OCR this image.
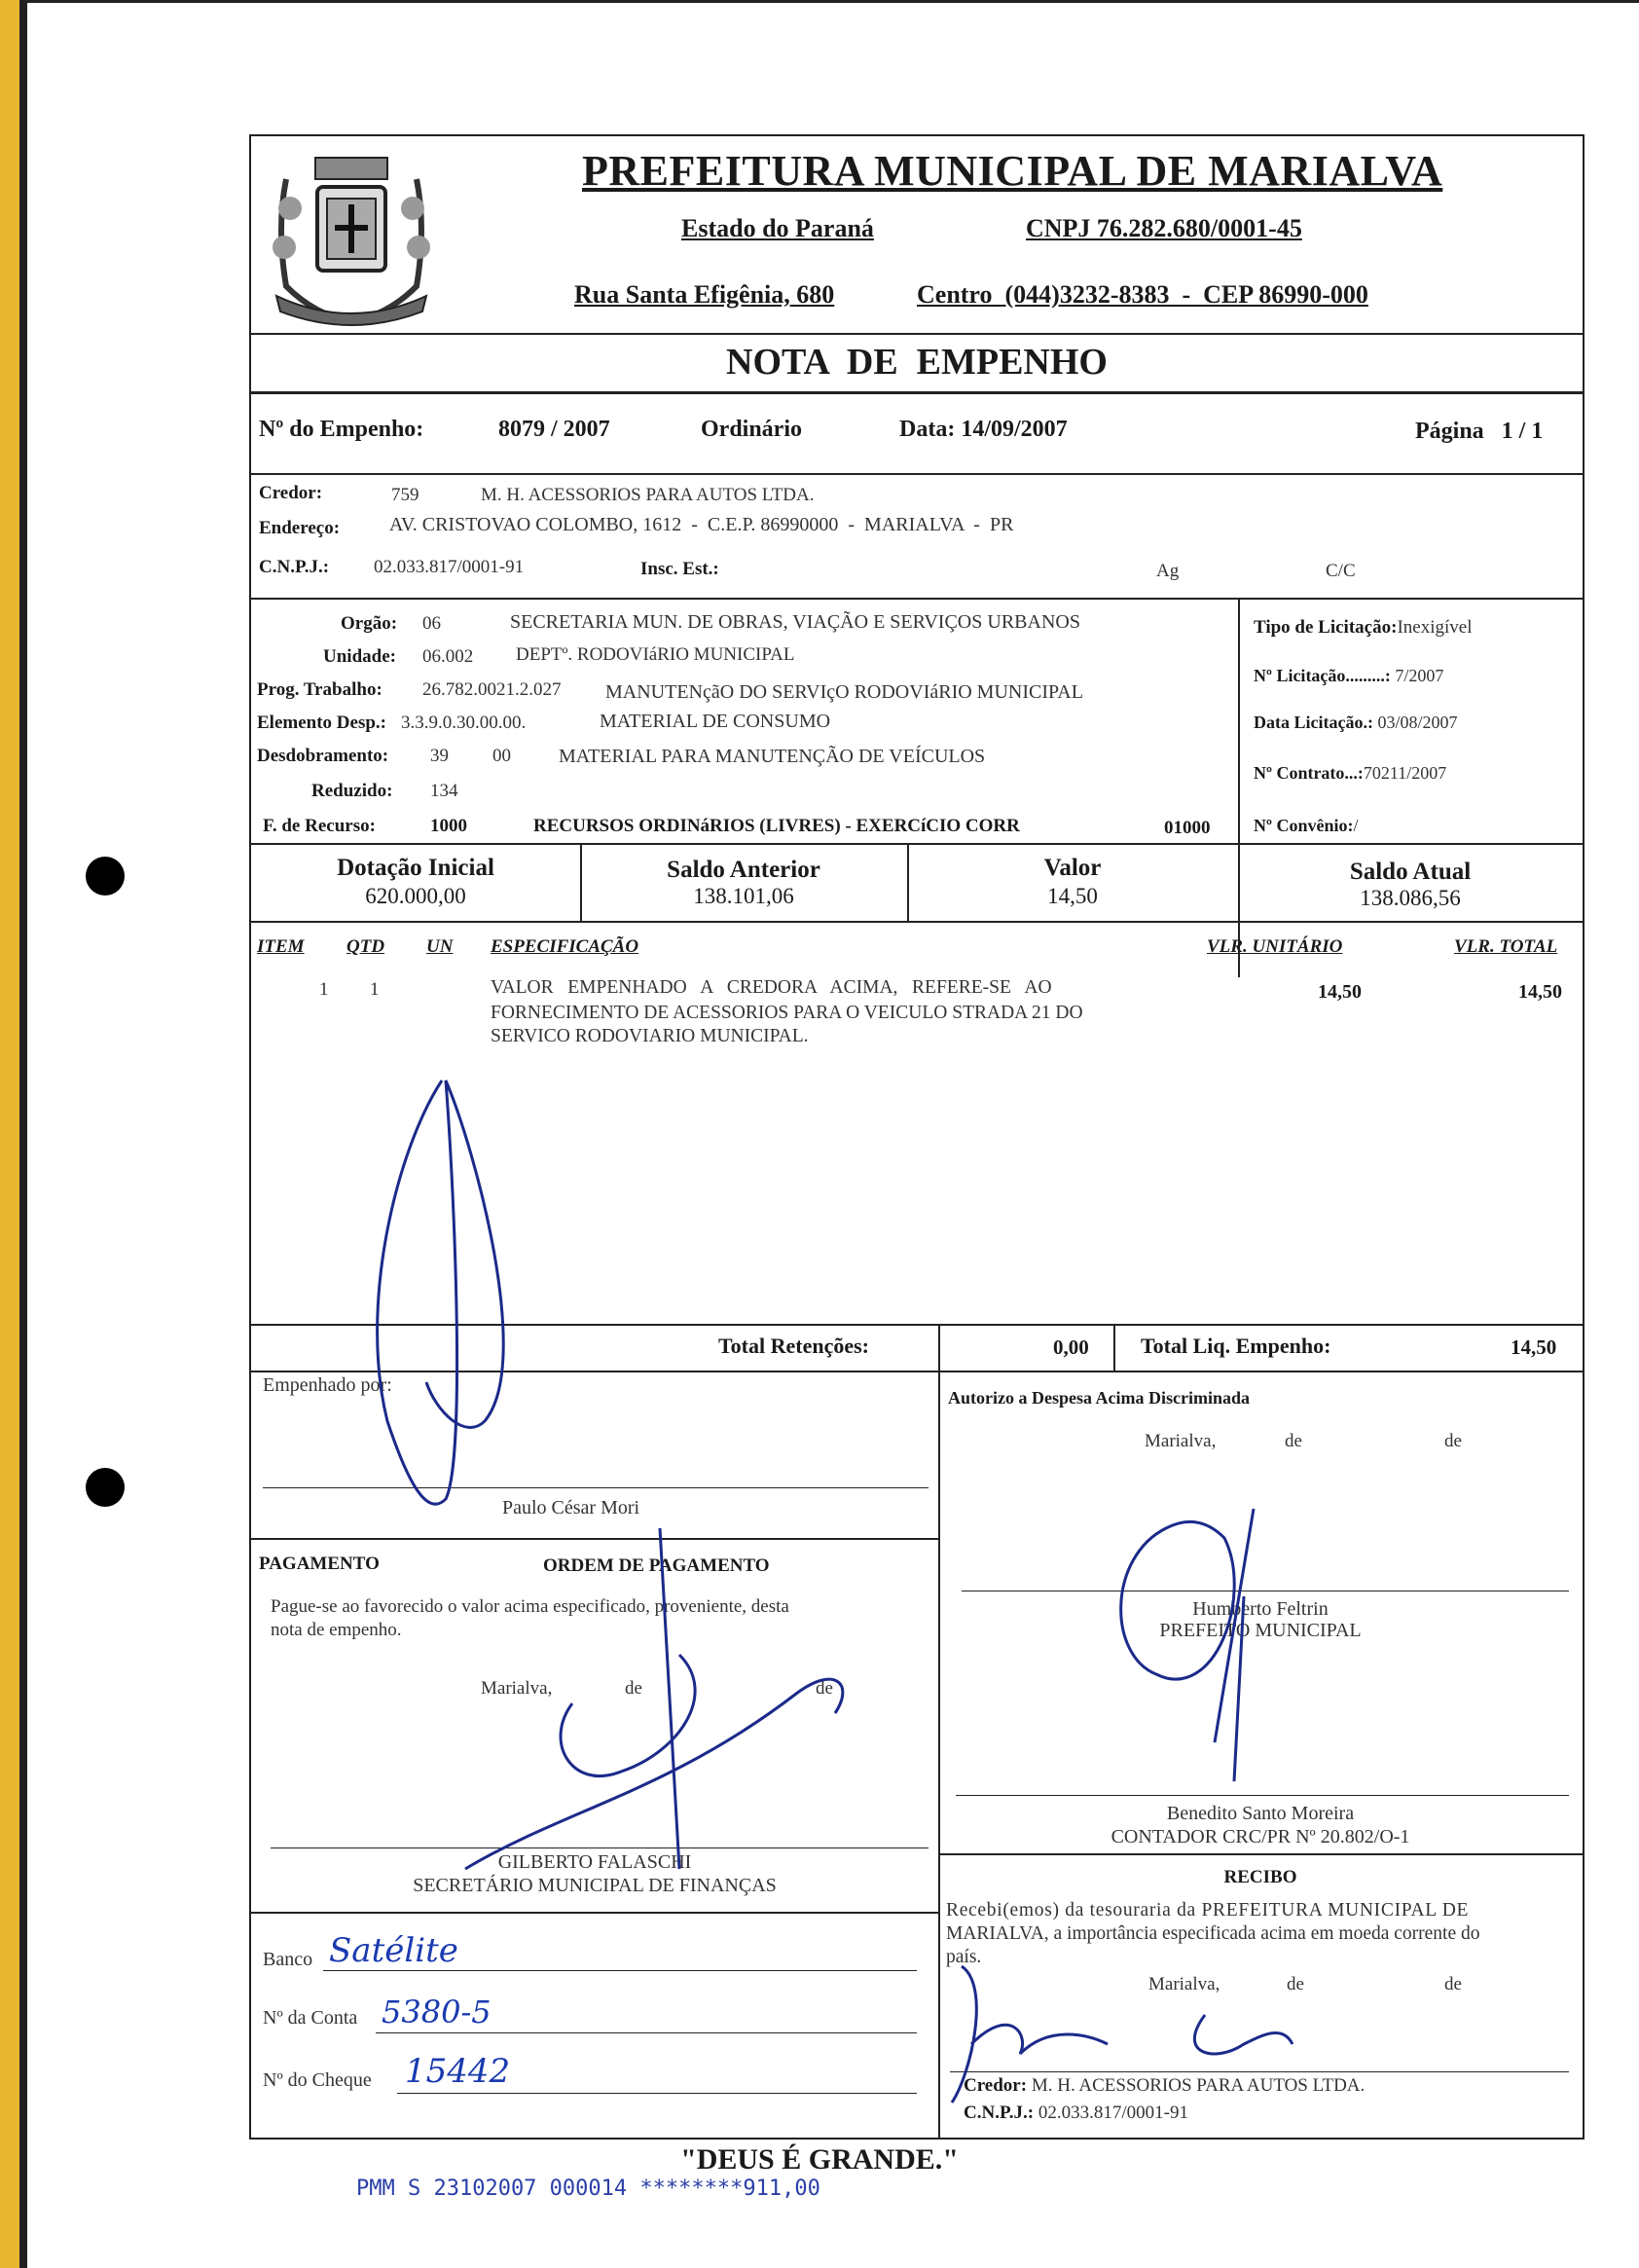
PREFEITURA MUNICIPAL DE MARIALVA
Estado do Paraná	CNPJ 76.282.680/0001-45
Rua Santa Efigênia, 680	Centro  (044)3232-8383  -  CEP 86990-000
NOTA  DE  EMPENHO
Nº do Empenho:	8079 / 2007	Ordinário	Data: 14/09/2007	Página   1 / 1
Credor:	759	M. H. ACESSORIOS PARA AUTOS LTDA.
Endereço:	AV. CRISTOVAO COLOMBO, 1612  -  C.E.P. 86990000  -  MARIALVA  -  PR
C.N.P.J.: 02.033.817/0001-91	Insc. Est.:	Ag	C/C
Orgão: 06	SECRETARIA MUN. DE OBRAS, VIAÇÃO E SERVIÇOS URBANOS
Unidade: 06.002 DEPTº. RODOVIáRIO MUNICIPAL
Prog. Trabalho: 26.782.0021.2.027 MANUTENçãO DO SERVIçO RODOVIáRIO MUNICIPAL
Elemento Desp.: 3.3.9.0.30.00.00.	MATERIAL DE CONSUMO
Desdobramento: 39 00 MATERIAL PARA MANUTENÇÃO DE VEÍCULOS
Reduzido: 134
F. de Recurso:	1000	RECURSOS ORDINáRIOS (LIVRES) - EXERCíCIO CORR	01000
Tipo de Licitação:Inexigível
Nº Licitação.........: 7/2007
Data Licitação.: 03/08/2007
Nº Contrato...:70211/2007
Nº Convênio:/
Dotação Inicial
620.000,00
Saldo Anterior
138.101,06
Valor
14,50
Saldo Atual
138.086,56
ITEM QTD UN ESPECIFICAÇÃO	VLR. UNITÁRIO	VLR. TOTAL
1 1	VALOR   EMPENHADO   A   CREDORA   ACIMA,   REFERE-SE   AO
FORNECIMENTO DE ACESSORIOS PARA O VEICULO STRADA 21 DO
SERVICO RODOVIARIO MUNICIPAL.
14,50	14,50
Total Retenções:	0,00 Total Liq. Empenho:	14,50
Empenhado por:
Paulo César Mori
Autorizo a Despesa Acima Discriminada
Marialva,	de	de
Humberto Feltrin
PREFEITO MUNICIPAL
Benedito Santo Moreira
CONTADOR CRC/PR Nº 20.802/O-1
PAGAMENTO	ORDEM DE PAGAMENTO
Pague-se ao favorecido o valor acima especificado, proveniente, desta
nota de empenho.
Marialva,	de	de
GILBERTO FALASCHI
SECRETÁRIO MUNICIPAL DE FINANÇAS
Banco Satélite
Nº da Conta 5380-5
Nº do Cheque 15442
RECIBO
Recebi(emos) da tesouraria da PREFEITURA MUNICIPAL DE
MARIALVA, a importância especificada acima em moeda corrente do
país.
Marialva,	de	de
Credor: M. H. ACESSORIOS PARA AUTOS LTDA.
C.N.P.J.: 02.033.817/0001-91
"DEUS É GRANDE."
PMM S 23102007 000014 ********911,00
